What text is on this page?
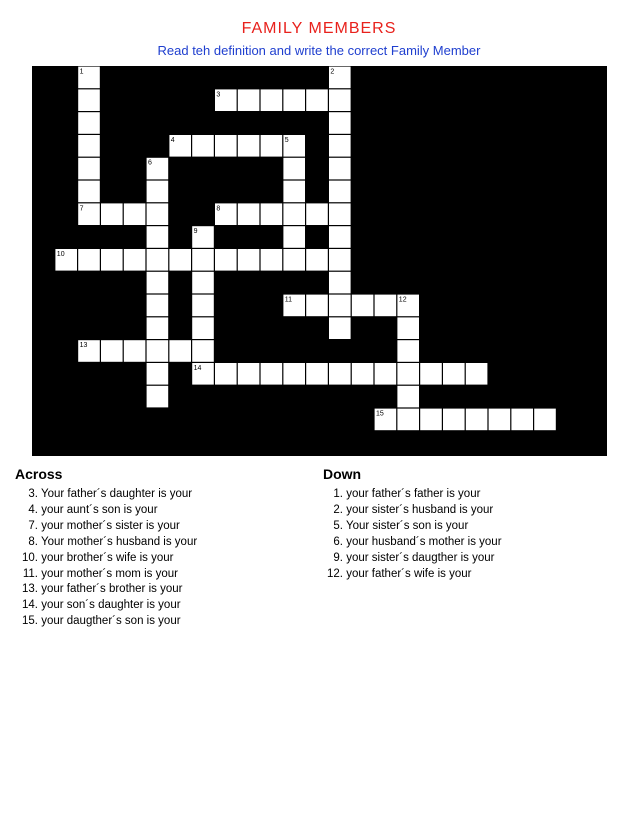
FAMILY MEMBERS
Read teh definition and write the correct Family Member
1	2
3
4	5
6
7	8
9
10
11	12
13
14
15
Across
3. Your father´s daughter is your
4. your aunt´s son is your
7. your mother´s sister is your
8. Your mother´s husband is your
10. your brother´s wife is your
11. your mother´s mom is your
13. your father´s brother is your
14. your son´s daughter is your
15. your daugther´s son is your
Down
1. your father´s father is your
2. your sister´s husband is your
5. Your sister´s son is your
6. your husband´s mother is your
9. your sister´s daugther is your
12. your father´s wife is your
